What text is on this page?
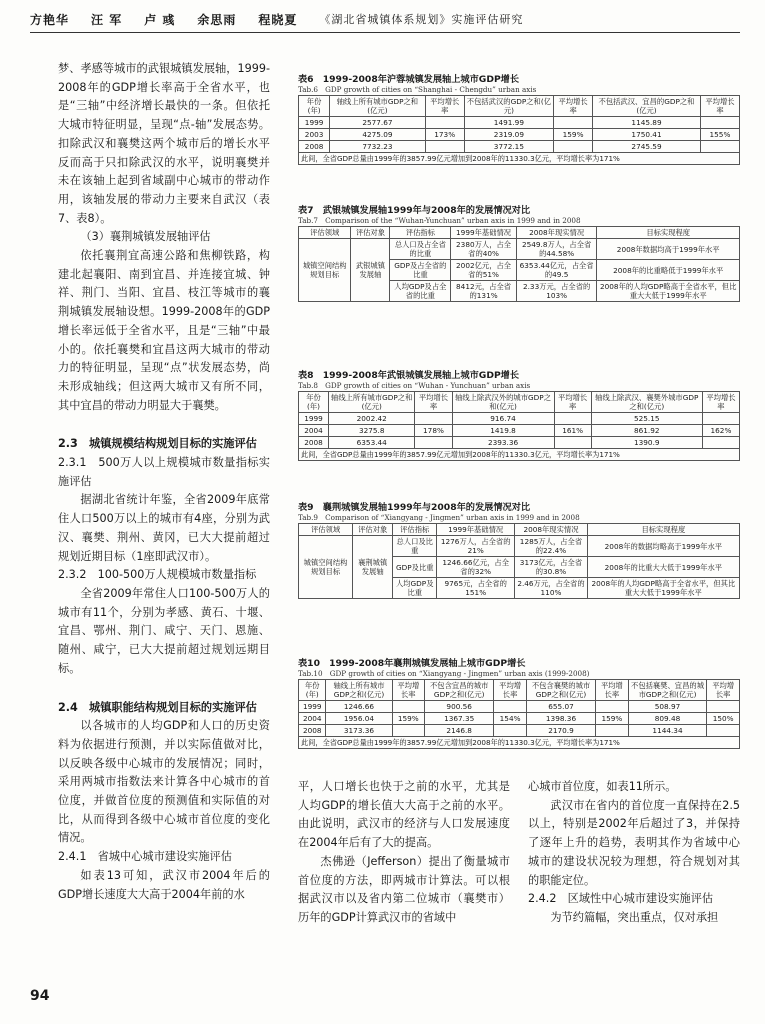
方艳华 汪 军 卢 彧 余思雨 程晓夏 《湖北省城镇体系规划》实施评估研究

梦、孝感等城市的武银城镇发展轴，1999-2008年的GDP增长率高于全省水平，也是“三轴”中经济增长最快的一条。但依托大城市特征明显，呈现“点-轴”发展态势。扣除武汉和襄樊这两个城市后的增长水平反而高于只扣除武汉的水平，说明襄樊并未在该轴上起到省域副中心城市的带动作用，该轴发展的带动力主要来自武汉（表7、表8）。

（3）襄荆城镇发展轴评估

依托襄荆宜高速公路和焦柳铁路，构建北起襄阳、南到宜昌、并连接宜城、钟祥、荆门、当阳、宜昌、枝江等城市的襄荆城镇发展轴设想。1999-2008年的GDP增长率远低于全省水平，且是“三轴”中最小的。依托襄樊和宜昌这两大城市的带动力的特征明显，呈现“点”状发展态势，尚未形成轴线；但这两大城市又有所不同，其中宜昌的带动力明显大于襄樊。

2.3　城镇规模结构规划目标的实施评估

2.3.1　500万人以上规模城市数量指标实施评估

据湖北省统计年鉴，全省2009年底常住人口500万以上的城市有4座，分别为武汉、襄樊、荆州、黄冈，已大大提前超过规划近期目标（1座即武汉市）。

2.3.2　100-500万人规模城市数量指标

全省2009年常住人口100-500万人的城市有11个，分别为孝感、黄石、十堰、宜昌、鄂州、荆门、咸宁、天门、恩施、随州、咸宁，已大大提前超过规划远期目标。

2.4　城镇职能结构规划目标的实施评估

以各城市的人均GDP和人口的历史资料为依据进行预测，并以实际值做对比，以反映各级中心城市的发展情况；同时，采用两城市指数法来计算各中心城市的首位度，并做首位度的预测值和实际值的对比，从而得到各级中心城市首位度的变化情况。

2.4.1　省城中心城市建设实施评估

如表13可知，武汉市2004年后的GDP增长速度大大高于2004年前的水

平，人口增长也快于之前的水平，尤其是人均GDP的增长值大大高于之前的水平。由此说明，武汉市的经济与人口发展速度在2004年后有了大的提高。

杰佛逊（Jefferson）提出了衡量城市首位度的方法，即两城市计算法。可以根据武汉市以及省内第二位城市（襄樊市）历年的GDP计算武汉市的省域中

心城市首位度，如表11所示。

武汉市在省内的首位度一直保持在2.5以上，特别是2002年后超过了3，并保持了逐年上升的趋势，表明其作为省域中心城市的建设状况较为理想，符合规划对其的职能定位。

2.4.2　区域性中心城市建设实施评估

为节约篇幅，突出重点，仅对承担

表6　1999-2008年沪蓉城镇发展轴上城市GDP增长
Tab.6　GDP growth of cities on “Shanghai - Chengdu” urban axis
年份(年)	轴线上所有城市GDP之和(亿元)	平均增长率	不包括武汉的GDP之和(亿元)	平均增长率	不包括武汉、宜昌的GDP之和(亿元)	平均增长率
1999	2577.67		1491.99		1145.89	
2003	4275.09	173%	2319.09	159%	1750.41	155%
2008	7732.23		3772.15		2745.59	
此间，全省GDP总量由1999年的3857.99亿元增加到2008年的11330.3亿元，平均增长率为171%						
表7　武银城镇发展轴1999年与2008年的发展情况对比
Tab.7　Comparison of the “Wuhan-Yunchuan” urban axis in 1999 and in 2008
评估领域	评估对象	评估指标	1999年基础情况	2008年现实情况	目标实现程度
城镇空间结构规划目标	武银城镇发展轴	总人口及占全省的比重	2380万人，占全省的40%	2549.8万人，占全省的44.58%	2008年数据均高于1999年水平
		GDP及占全省的比重	2002亿元，占全省的51%	6353.44亿元，占全省的49.5	2008年的比重略低于1999年水平
		人均GDP及占全省的比重	8412元，占全省的131%	2.33万元，占全省的103%	2008年的人均GDP略高于全省水平，但比重大大低于1999年水平
表8　1999-2008年武银城镇发展轴上城市GDP增长
Tab.8　GDP growth of cities on “Wuhan - Yunchuan” urban axis
年份(年)	轴线上所有城市GDP之和(亿元)	平均增长率	轴线上除武汉外的城市GDP之和(亿元)	平均增长率	轴线上除武汉、襄樊外城市GDP之和(亿元)	平均增长率
1999	2002.42		916.74		525.15	
2004	3275.8	178%	1419.8	161%	861.92	162%
2008	6353.44		2393.36		1390.9	
此间，全省GDP总量由1999年的3857.99亿元增加到2008年的11330.3亿元，平均增长率为171%						
表9　襄荆城镇发展轴1999年与2008年的发展情况对比
Tab.9　Comparison of “Xiangyang - Jingmen” urban axis in 1999 and in 2008
评估领域	评估对象	评估指标	1999年基础情况	2008年现实情况	目标实现程度
城镇空间结构规划目标	襄荆城镇发展轴	总人口及比重	1276万人，占全省的21%	1285万人，占全省的22.4%	2008年的数据均略高于1999年水平
		GDP及比重	1246.66亿元，占全省的32%	3173亿元，占全省的30.8%	2008年的比重大大低于1999年水平
		人均GDP及比重	9765元，占全省的151%	2.46万元，占全省的110%	2008年的人均GDP略高于全省水平，但其比重大大低于1999年水平
表10　1999-2008年襄荆城镇发展轴上城市GDP增长
Tab.10　GDP growth of cities on “Xiangyang - Jingmen” urban axis (1999-2008)
年份(年)	轴线上所有城市GDP之和(亿元)	平均增长率	不包含宜昌的城市GDP之和(亿元)	平均增长率	不包含襄樊的城市GDP之和(亿元)	平均增长率	不包括襄樊、宜昌的城市GDP之和(亿元)	平均增长率
1999	1246.66		900.56		655.07		508.97	
2004	1956.04	159%	1367.35	154%	1398.36	159%	809.48	150%
2008	3173.36		2146.8		2170.9		1144.34	
此间，全省GDP总量由1999年的3857.99亿元增加到2008年的11330.3亿元，平均增长率为171%								
94
